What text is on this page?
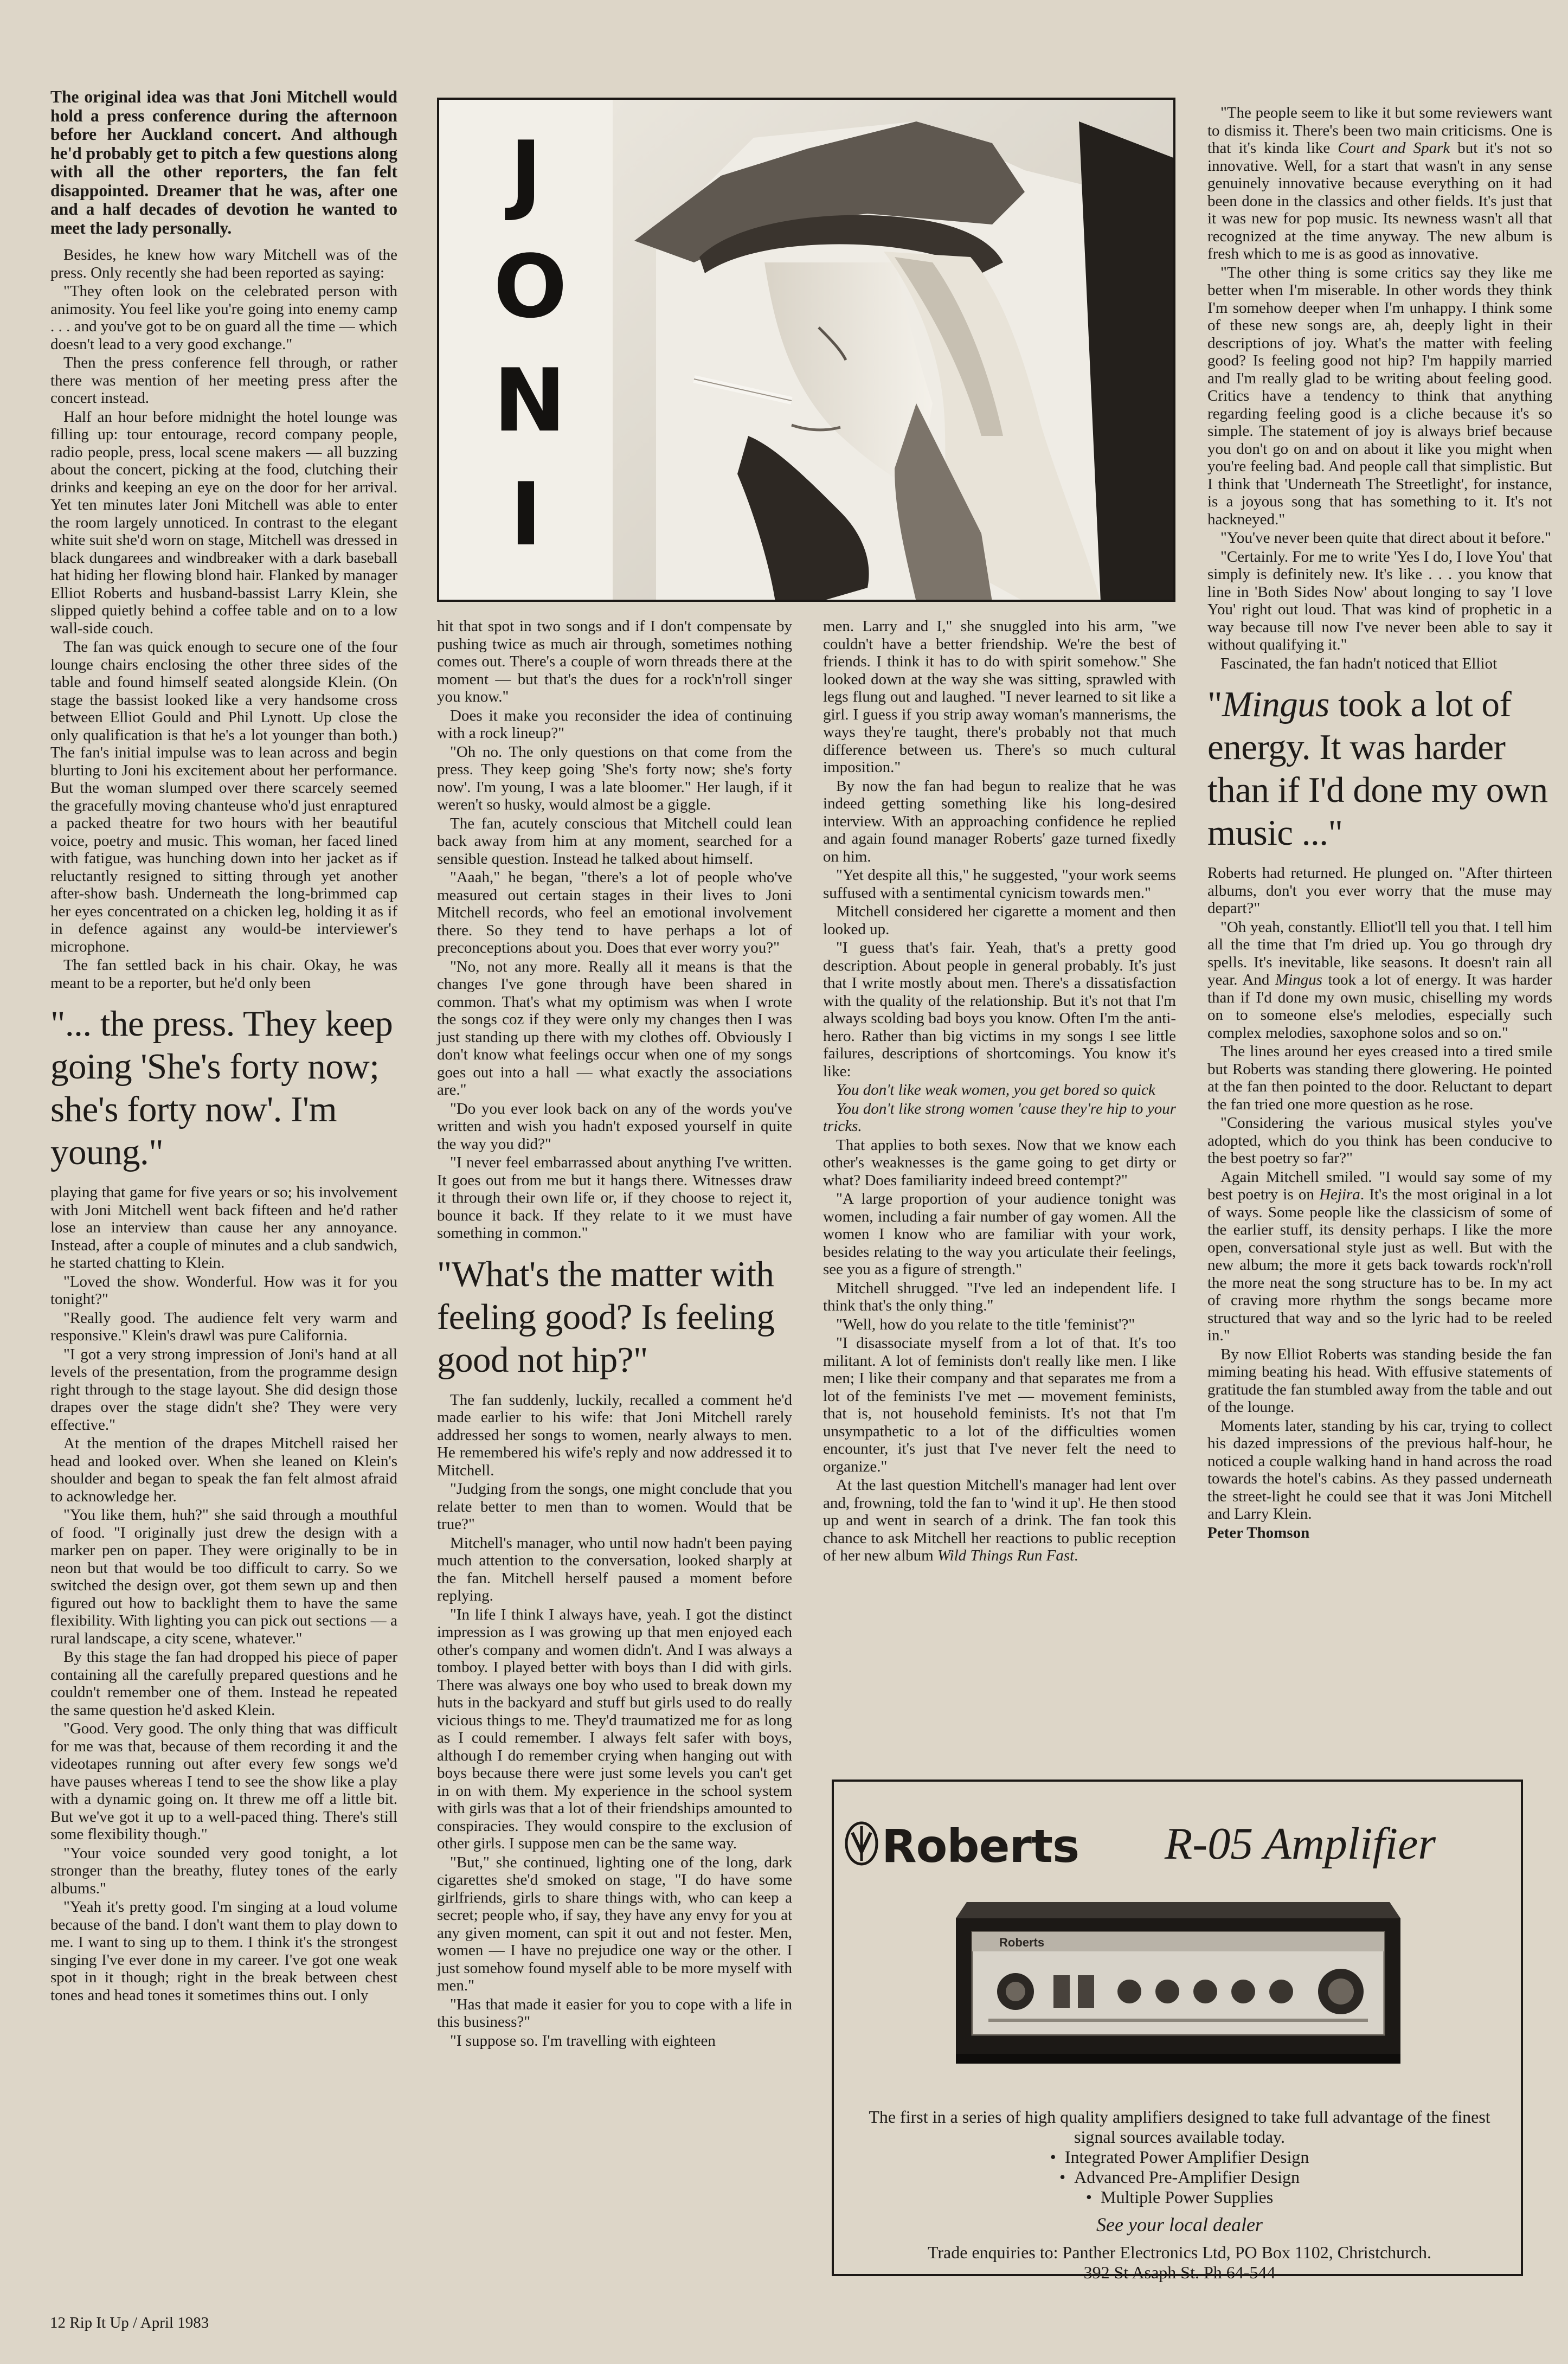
The original idea was that Joni Mitchell would hold a press conference during the afternoon before her Auckland concert. And although he'd probably get to pitch a few questions along with all the other reporters, the fan felt disappointed. Dreamer that he was, after one and a half decades of devotion he wanted to meet the lady personally.

Besides, he knew how wary Mitchell was of the press. Only recently she had been reported as saying:

"They often look on the celebrated person with animosity. You feel like you're going into enemy camp . . . and you've got to be on guard all the time — which doesn't lead to a very good exchange."

Then the press conference fell through, or rather there was mention of her meeting press after the concert instead.

Half an hour before midnight the hotel lounge was filling up: tour entourage, record company people, radio people, press, local scene makers — all buzzing about the concert, picking at the food, clutching their drinks and keeping an eye on the door for her arrival. Yet ten minutes later Joni Mitchell was able to enter the room largely unnoticed. In contrast to the elegant white suit she'd worn on stage, Mitchell was dressed in black dungarees and windbreaker with a dark baseball hat hiding her flowing blond hair. Flanked by manager Elliot Roberts and husband-bassist Larry Klein, she slipped quietly behind a coffee table and on to a low wall-side couch.

The fan was quick enough to secure one of the four lounge chairs enclosing the other three sides of the table and found himself seated alongside Klein. (On stage the bassist looked like a very handsome cross between Elliot Gould and Phil Lynott. Up close the only qualification is that he's a lot younger than both.) The fan's initial impulse was to lean across and begin blurting to Joni his excitement about her performance. But the woman slumped over there scarcely seemed the gracefully moving chanteuse who'd just enraptured a packed theatre for two hours with her beautiful voice, poetry and music. This woman, her faced lined with fatigue, was hunching down into her jacket as if reluctantly resigned to sitting through yet another after-show bash. Underneath the long-brimmed cap her eyes concentrated on a chicken leg, holding it as if in defence against any would-be interviewer's microphone.

The fan settled back in his chair. Okay, he was meant to be a reporter, but he'd only been

"... the press. They keep going 'She's forty now; she's forty now'. I'm young."

playing that game for five years or so; his involvement with Joni Mitchell went back fifteen and he'd rather lose an interview than cause her any annoyance. Instead, after a couple of minutes and a club sandwich, he started chatting to Klein.

"Loved the show. Wonderful. How was it for you tonight?"

"Really good. The audience felt very warm and responsive." Klein's drawl was pure California.

"I got a very strong impression of Joni's hand at all levels of the presentation, from the programme design right through to the stage layout. She did design those drapes over the stage didn't she? They were very effective."

At the mention of the drapes Mitchell raised her head and looked over. When she leaned on Klein's shoulder and began to speak the fan felt almost afraid to acknowledge her.

"You like them, huh?" she said through a mouthful of food. "I originally just drew the design with a marker pen on paper. They were originally to be in neon but that would be too difficult to carry. So we switched the design over, got them sewn up and then figured out how to backlight them to have the same flexibility. With lighting you can pick out sections — a rural landscape, a city scene, whatever."

By this stage the fan had dropped his piece of paper containing all the carefully prepared questions and he couldn't remember one of them. Instead he repeated the same question he'd asked Klein.

"Good. Very good. The only thing that was difficult for me was that, because of them recording it and the videotapes running out after every few songs we'd have pauses whereas I tend to see the show like a play with a dynamic going on. It threw me off a little bit. But we've got it up to a well-paced thing. There's still some flexibility though."

"Your voice sounded very good tonight, a lot stronger than the breathy, flutey tones of the early albums."

"Yeah it's pretty good. I'm singing at a loud volume because of the band. I don't want them to play down to me. I want to sing up to them. I think it's the strongest singing I've ever done in my career. I've got one weak spot in it though; right in the break between chest tones and head tones it sometimes thins out. I only

J
O
N
I

hit that spot in two songs and if I don't compensate by pushing twice as much air through, sometimes nothing comes out. There's a couple of worn threads there at the moment — but that's the dues for a rock'n'roll singer you know."

Does it make you reconsider the idea of continuing with a rock lineup?"

"Oh no. The only questions on that come from the press. They keep going 'She's forty now; she's forty now'. I'm young, I was a late bloomer." Her laugh, if it weren't so husky, would almost be a giggle.

The fan, acutely conscious that Mitchell could lean back away from him at any moment, searched for a sensible question. Instead he talked about himself.

"Aaah," he began, "there's a lot of people who've measured out certain stages in their lives to Joni Mitchell records, who feel an emotional involvement there. So they tend to have perhaps a lot of preconceptions about you. Does that ever worry you?"

"No, not any more. Really all it means is that the changes I've gone through have been shared in common. That's what my optimism was when I wrote the songs coz if they were only my changes then I was just standing up there with my clothes off. Obviously I don't know what feelings occur when one of my songs goes out into a hall — what exactly the associations are."

"Do you ever look back on any of the words you've written and wish you hadn't exposed yourself in quite the way you did?"

"I never feel embarrassed about anything I've written. It goes out from me but it hangs there. Witnesses draw it through their own life or, if they choose to reject it, bounce it back. If they relate to it we must have something in common."

"What's the matter with feeling good? Is feeling good not hip?"

The fan suddenly, luckily, recalled a comment he'd made earlier to his wife: that Joni Mitchell rarely addressed her songs to women, nearly always to men. He remembered his wife's reply and now addressed it to Mitchell.

"Judging from the songs, one might conclude that you relate better to men than to women. Would that be true?"

Mitchell's manager, who until now hadn't been paying much attention to the conversation, looked sharply at the fan. Mitchell herself paused a moment before replying.

"In life I think I always have, yeah. I got the distinct impression as I was growing up that men enjoyed each other's company and women didn't. And I was always a tomboy. I played better with boys than I did with girls. There was always one boy who used to break down my huts in the backyard and stuff but girls used to do really vicious things to me. They'd traumatized me for as long as I could remember. I always felt safer with boys, although I do remember crying when hanging out with boys because there were just some levels you can't get in on with them. My experience in the school system with girls was that a lot of their friendships amounted to conspiracies. They would conspire to the exclusion of other girls. I suppose men can be the same way.

"But," she continued, lighting one of the long, dark cigarettes she'd smoked on stage, "I do have some girlfriends, girls to share things with, who can keep a secret; people who, if say, they have any envy for you at any given moment, can spit it out and not fester. Men, women — I have no prejudice one way or the other. I just somehow found myself able to be more myself with men."

"Has that made it easier for you to cope with a life in this business?"

"I suppose so. I'm travelling with eighteen

men. Larry and I," she snuggled into his arm, "we couldn't have a better friendship. We're the best of friends. I think it has to do with spirit somehow." She looked down at the way she was sitting, sprawled with legs flung out and laughed. "I never learned to sit like a girl. I guess if you strip away woman's mannerisms, the ways they're taught, there's probably not that much difference between us. There's so much cultural imposition."

By now the fan had begun to realize that he was indeed getting something like his long-desired interview. With an approaching confidence he replied and again found manager Roberts' gaze turned fixedly on him.

"Yet despite all this," he suggested, "your work seems suffused with a sentimental cynicism towards men."

Mitchell considered her cigarette a moment and then looked up.

"I guess that's fair. Yeah, that's a pretty good description. About people in general probably. It's just that I write mostly about men. There's a dissatisfaction with the quality of the relationship. But it's not that I'm always scolding bad boys you know. Often I'm the anti-hero. Rather than big victims in my songs I see little failures, descriptions of shortcomings. You know it's like:

You don't like weak women, you get bored so quick

You don't like strong women 'cause they're hip to your tricks.

That applies to both sexes. Now that we know each other's weaknesses is the game going to get dirty or what? Does familiarity indeed breed contempt?"

"A large proportion of your audience tonight was women, including a fair number of gay women. All the women I know who are familiar with your work, besides relating to the way you articulate their feelings, see you as a figure of strength."

Mitchell shrugged. "I've led an independent life. I think that's the only thing."

"Well, how do you relate to the title 'feminist'?"

"I disassociate myself from a lot of that. It's too militant. A lot of feminists don't really like men. I like men; I like their company and that separates me from a lot of the feminists I've met — movement feminists, that is, not household feminists. It's not that I'm unsympathetic to a lot of the difficulties women encounter, it's just that I've never felt the need to organize."

At the last question Mitchell's manager had lent over and, frowning, told the fan to 'wind it up'. He then stood up and went in search of a drink. The fan took this chance to ask Mitchell her reactions to public reception of her new album Wild Things Run Fast.

"The people seem to like it but some reviewers want to dismiss it. There's been two main criticisms. One is that it's kinda like Court and Spark but it's not so innovative. Well, for a start that wasn't in any sense genuinely innovative because everything on it had been done in the classics and other fields. It's just that it was new for pop music. Its newness wasn't all that recognized at the time anyway. The new album is fresh which to me is as good as innovative.

"The other thing is some critics say they like me better when I'm miserable. In other words they think I'm somehow deeper when I'm unhappy. I think some of these new songs are, ah, deeply light in their descriptions of joy. What's the matter with feeling good? Is feeling good not hip? I'm happily married and I'm really glad to be writing about feeling good. Critics have a tendency to think that anything regarding feeling good is a cliche because it's so simple. The statement of joy is always brief because you don't go on and on about it like you might when you're feeling bad. And people call that simplistic. But I think that 'Underneath The Streetlight', for instance, is a joyous song that has something to it. It's not hackneyed."

"You've never been quite that direct about it before."

"Certainly. For me to write 'Yes I do, I love You' that simply is definitely new. It's like . . . you know that line in 'Both Sides Now' about longing to say 'I love You' right out loud. That was kind of prophetic in a way because till now I've never been able to say it without qualifying it."

Fascinated, the fan hadn't noticed that Elliot

"Mingus took a lot of energy. It was harder than if I'd done my own music ..."

Roberts had returned. He plunged on. "After thirteen albums, don't you ever worry that the muse may depart?"

"Oh yeah, constantly. Elliot'll tell you that. I tell him all the time that I'm dried up. You go through dry spells. It's inevitable, like seasons. It doesn't rain all year. And Mingus took a lot of energy. It was harder than if I'd done my own music, chiselling my words on to someone else's melodies, especially such complex melodies, saxophone solos and so on."

The lines around her eyes creased into a tired smile but Roberts was standing there glowering. He pointed at the fan then pointed to the door. Reluctant to depart the fan tried one more question as he rose.

"Considering the various musical styles you've adopted, which do you think has been conducive to the best poetry so far?"

Again Mitchell smiled. "I would say some of my best poetry is on Hejira. It's the most original in a lot of ways. Some people like the classicism of some of the earlier stuff, its density perhaps. I like the more open, conversational style just as well. But with the new album; the more it gets back towards rock'n'roll the more neat the song structure has to be. In my act of craving more rhythm the songs became more structured that way and so the lyric had to be reeled in."

By now Elliot Roberts was standing beside the fan miming beating his head. With effusive statements of gratitude the fan stumbled away from the table and out of the lounge.

Moments later, standing by his car, trying to collect his dazed impressions of the previous half-hour, he noticed a couple walking hand in hand across the road towards the hotel's cabins. As they passed underneath the street-light he could see that it was Joni Mitchell and Larry Klein.

Peter Thomson

Roberts R-05 Amplifier
Roberts
The first in a series of high quality amplifiers designed to take full advantage of the finest signal sources available today.
•  Integrated Power Amplifier Design
•  Advanced Pre-Amplifier Design
•  Multiple Power Supplies
See your local dealer
Trade enquiries to: Panther Electronics Ltd, PO Box 1102, Christchurch.
392 St Asaph St. Ph 64-544
12 Rip It Up / April 1983
